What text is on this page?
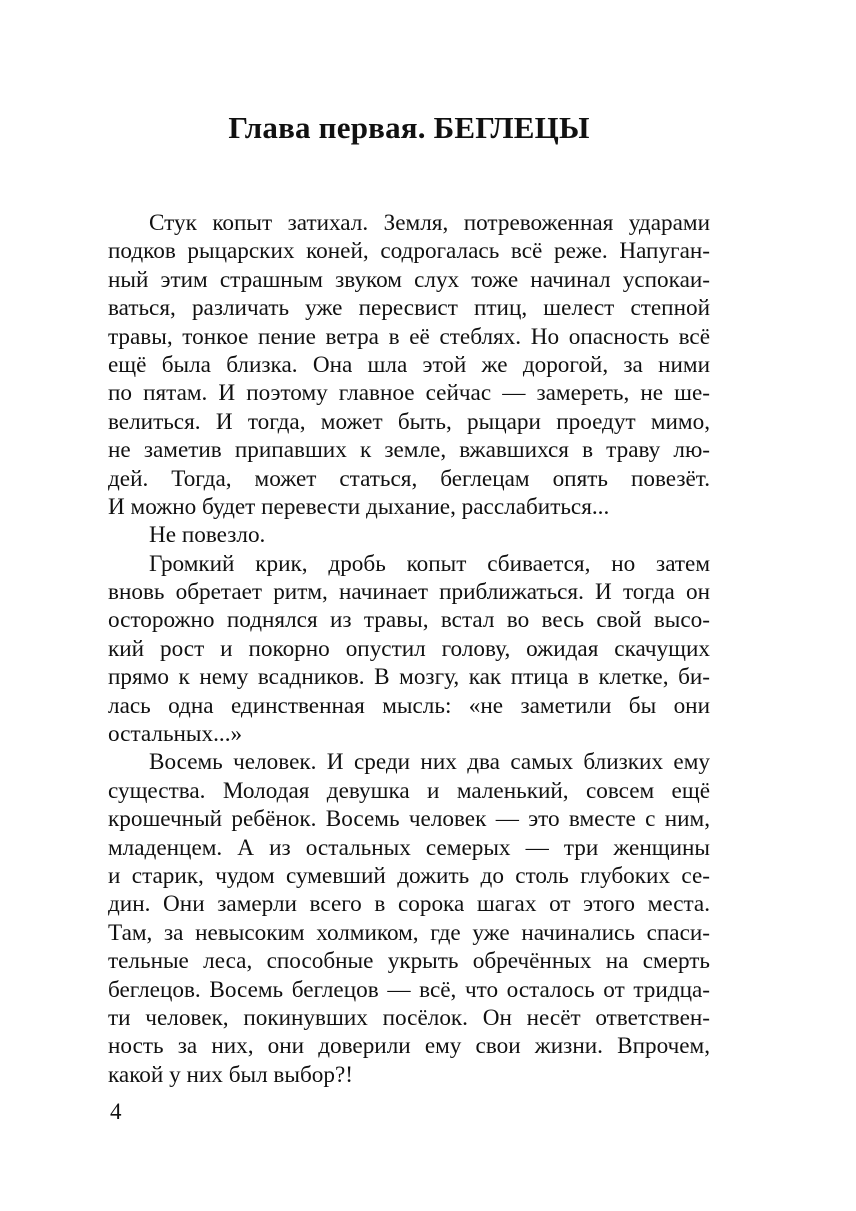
Глава первая. БЕГЛЕЦЫ
Стук копыт затихал. Земля, потревоженная ударами
подков рыцарских коней, содрогалась всё реже. Напуган-
ный этим страшным звуком слух тоже начинал успокаи-
ваться, различать уже пересвист птиц, шелест степной
травы, тонкое пение ветра в её стеблях. Но опасность всё
ещё была близка. Она шла этой же дорогой, за ними
по пятам. И поэтому главное сейчас — замереть, не ше-
велиться. И тогда, может быть, рыцари проедут мимо,
не заметив припавших к земле, вжавшихся в траву лю-
дей. Тогда, может статься, беглецам опять повезёт.
И можно будет перевести дыхание, расслабиться...
Не повезло.
Громкий крик, дробь копыт сбивается, но затем
вновь обретает ритм, начинает приближаться. И тогда он
осторожно поднялся из травы, встал во весь свой высо-
кий рост и покорно опустил голову, ожидая скачущих
прямо к нему всадников. В мозгу, как птица в клетке, би-
лась одна единственная мысль: «не заметили бы они
остальных...»
Восемь человек. И среди них два самых близких ему
существа. Молодая девушка и маленький, совсем ещё
крошечный ребёнок. Восемь человек — это вместе с ним,
младенцем. А из остальных семерых — три женщины
и старик, чудом сумевший дожить до столь глубоких се-
дин. Они замерли всего в сорока шагах от этого места.
Там, за невысоким холмиком, где уже начинались спаси-
тельные леса, способные укрыть обречённых на смерть
беглецов. Восемь беглецов — всё, что осталось от тридца-
ти человек, покинувших посёлок. Он несёт ответствен-
ность за них, они доверили ему свои жизни. Впрочем,
какой у них был выбор?!
4
